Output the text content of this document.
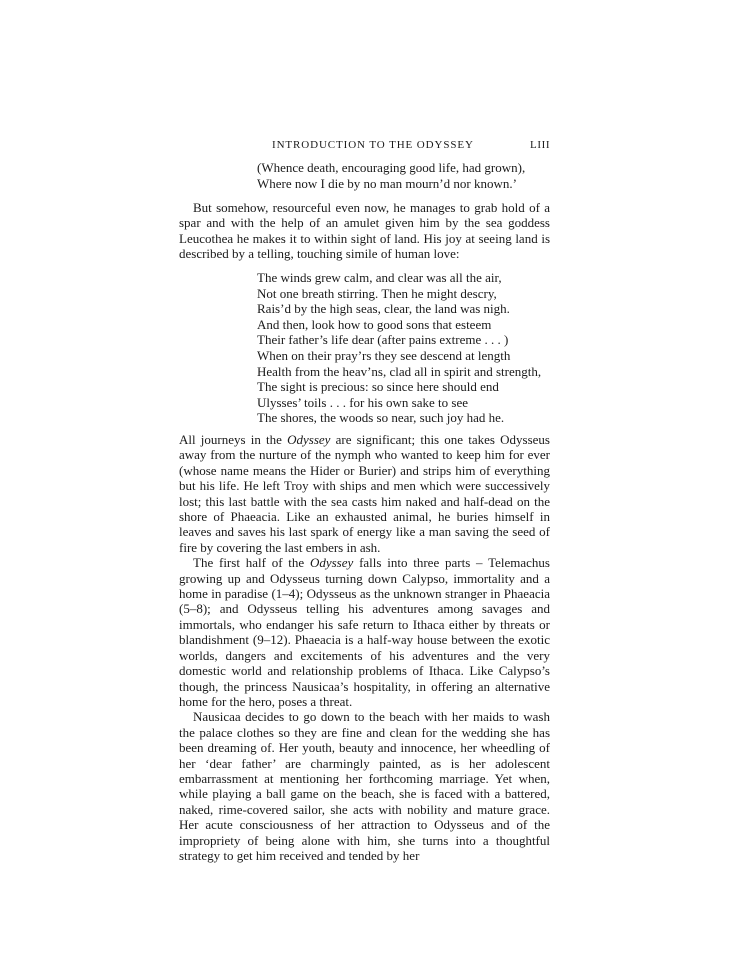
INTRODUCTION TO THE ODYSSEY	LIII
(Whence death, encouraging good life, had grown),
Where now I die by no man mourn’d nor known.’

But somehow, resourceful even now, he manages to grab hold of a spar and with the help of an amulet given him by the sea goddess Leucothea he makes it to within sight of land. His joy at seeing land is described by a telling, touching simile of human love:

The winds grew calm, and clear was all the air,
Not one breath stirring. Then he might descry,
Rais’d by the high seas, clear, the land was nigh.
And then, look how to good sons that esteem
Their father’s life dear (after pains extreme . . . )
When on their pray’rs they see descend at length
Health from the heav’ns, clad all in spirit and strength,
The sight is precious: so since here should end
Ulysses’ toils . . . for his own sake to see
The shores, the woods so near, such joy had he.

All journeys in the Odyssey are significant; this one takes Odysseus away from the nurture of the nymph who wanted to keep him for ever (whose name means the Hider or Burier) and strips him of everything but his life. He left Troy with ships and men which were successively lost; this last battle with the sea casts him naked and half-dead on the shore of Phaeacia. Like an exhausted animal, he buries himself in leaves and saves his last spark of energy like a man saving the seed of fire by covering the last embers in ash.

The first half of the Odyssey falls into three parts – Telemachus growing up and Odysseus turning down Calypso, immortality and a home in paradise (1–4); Odysseus as the unknown stranger in Phaeacia (5–8); and Odysseus telling his adventures among savages and immortals, who endanger his safe return to Ithaca either by threats or blandishment (9–12). Phaeacia is a half-way house between the exotic worlds, dangers and excitements of his adventures and the very domestic world and relationship problems of Ithaca. Like Calypso’s though, the princess Nausicaa’s hospitality, in offering an alternative home for the hero, poses a threat.

Nausicaa decides to go down to the beach with her maids to wash the palace clothes so they are fine and clean for the wedding she has been dreaming of. Her youth, beauty and innocence, her wheedling of her ‘dear father’ are charmingly painted, as is her adolescent embarrassment at mentioning her forthcoming marriage. Yet when, while playing a ball game on the beach, she is faced with a battered, naked, rime-covered sailor, she acts with nobility and mature grace. Her acute consciousness of her attraction to Odysseus and of the impropriety of being alone with him, she turns into a thoughtful strategy to get him received and tended by her
